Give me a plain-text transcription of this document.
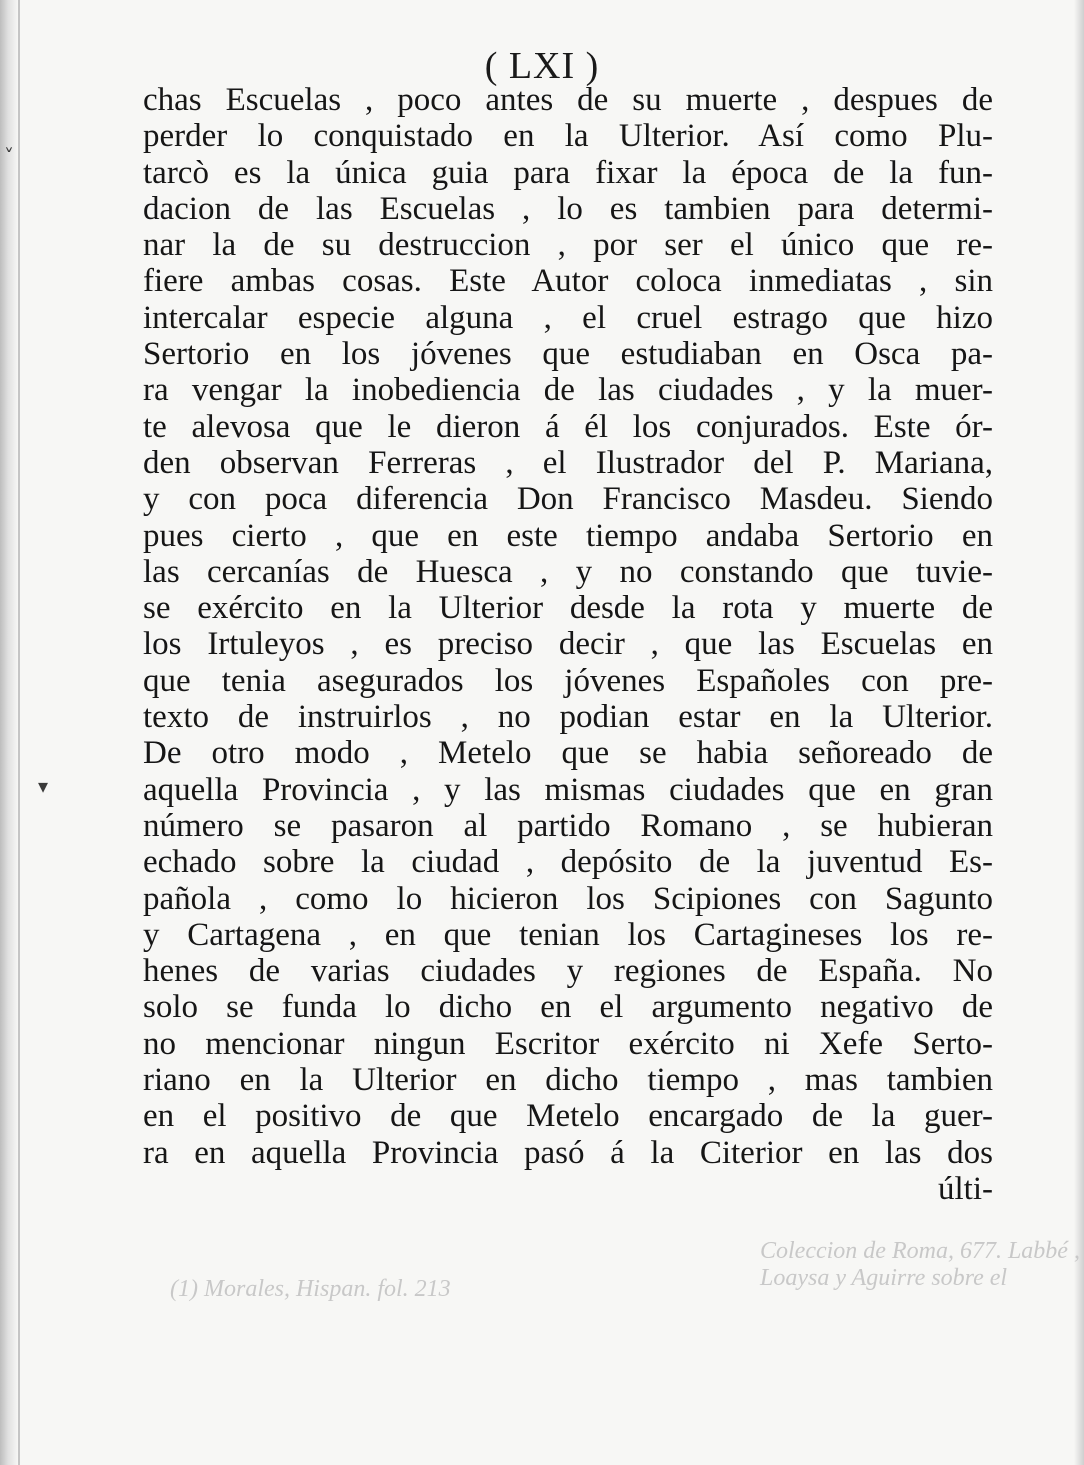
˅
▾
Coleccion de Roma, 677. Labbé , Loaysa y Aguirre sobre el
(1) Morales, Hispan. fol. 213
( LXI )
chas Escuelas , poco antes de su muerte , despues de
perder lo conquistado en la Ulterior. Así como Plu-
tarcò es la única guia para fixar la época de la fun-
dacion de las Escuelas , lo es tambien para determi-
nar la de su destruccion , por ser el único que re-
fiere ambas cosas. Este Autor coloca inmediatas , sin
intercalar especie alguna , el cruel estrago que hizo
Sertorio en los jóvenes que estudiaban en Osca pa-
ra vengar la inobediencia de las ciudades , y la muer-
te alevosa que le dieron á él los conjurados. Este ór-
den observan Ferreras , el Ilustrador del P. Mariana,
y con poca diferencia Don Francisco Masdeu. Siendo
pues cierto , que en este tiempo andaba Sertorio en
las cercanías de Huesca , y no constando que tuvie-
se exército en la Ulterior desde la rota y muerte de
los Irtuleyos , es preciso decir , que las Escuelas en
que tenia asegurados los jóvenes Españoles con pre-
texto de instruirlos , no podian estar en la Ulterior.
De otro modo , Metelo que se habia señoreado de
aquella Provincia , y las mismas ciudades que en gran
número se pasaron al partido Romano , se hubieran
echado sobre la ciudad , depósito de la juventud Es-
pañola , como lo hicieron los Scipiones con Sagunto
y Cartagena , en que tenian los Cartagineses los re-
henes de varias ciudades y regiones de España. No
solo se funda lo dicho en el argumento negativo de
no mencionar ningun Escritor exército ni Xefe Serto-
riano en la Ulterior en dicho tiempo , mas tambien
en el positivo de que Metelo encargado de la guer-
ra en aquella Provincia pasó á la Citerior en las dos
últi-
